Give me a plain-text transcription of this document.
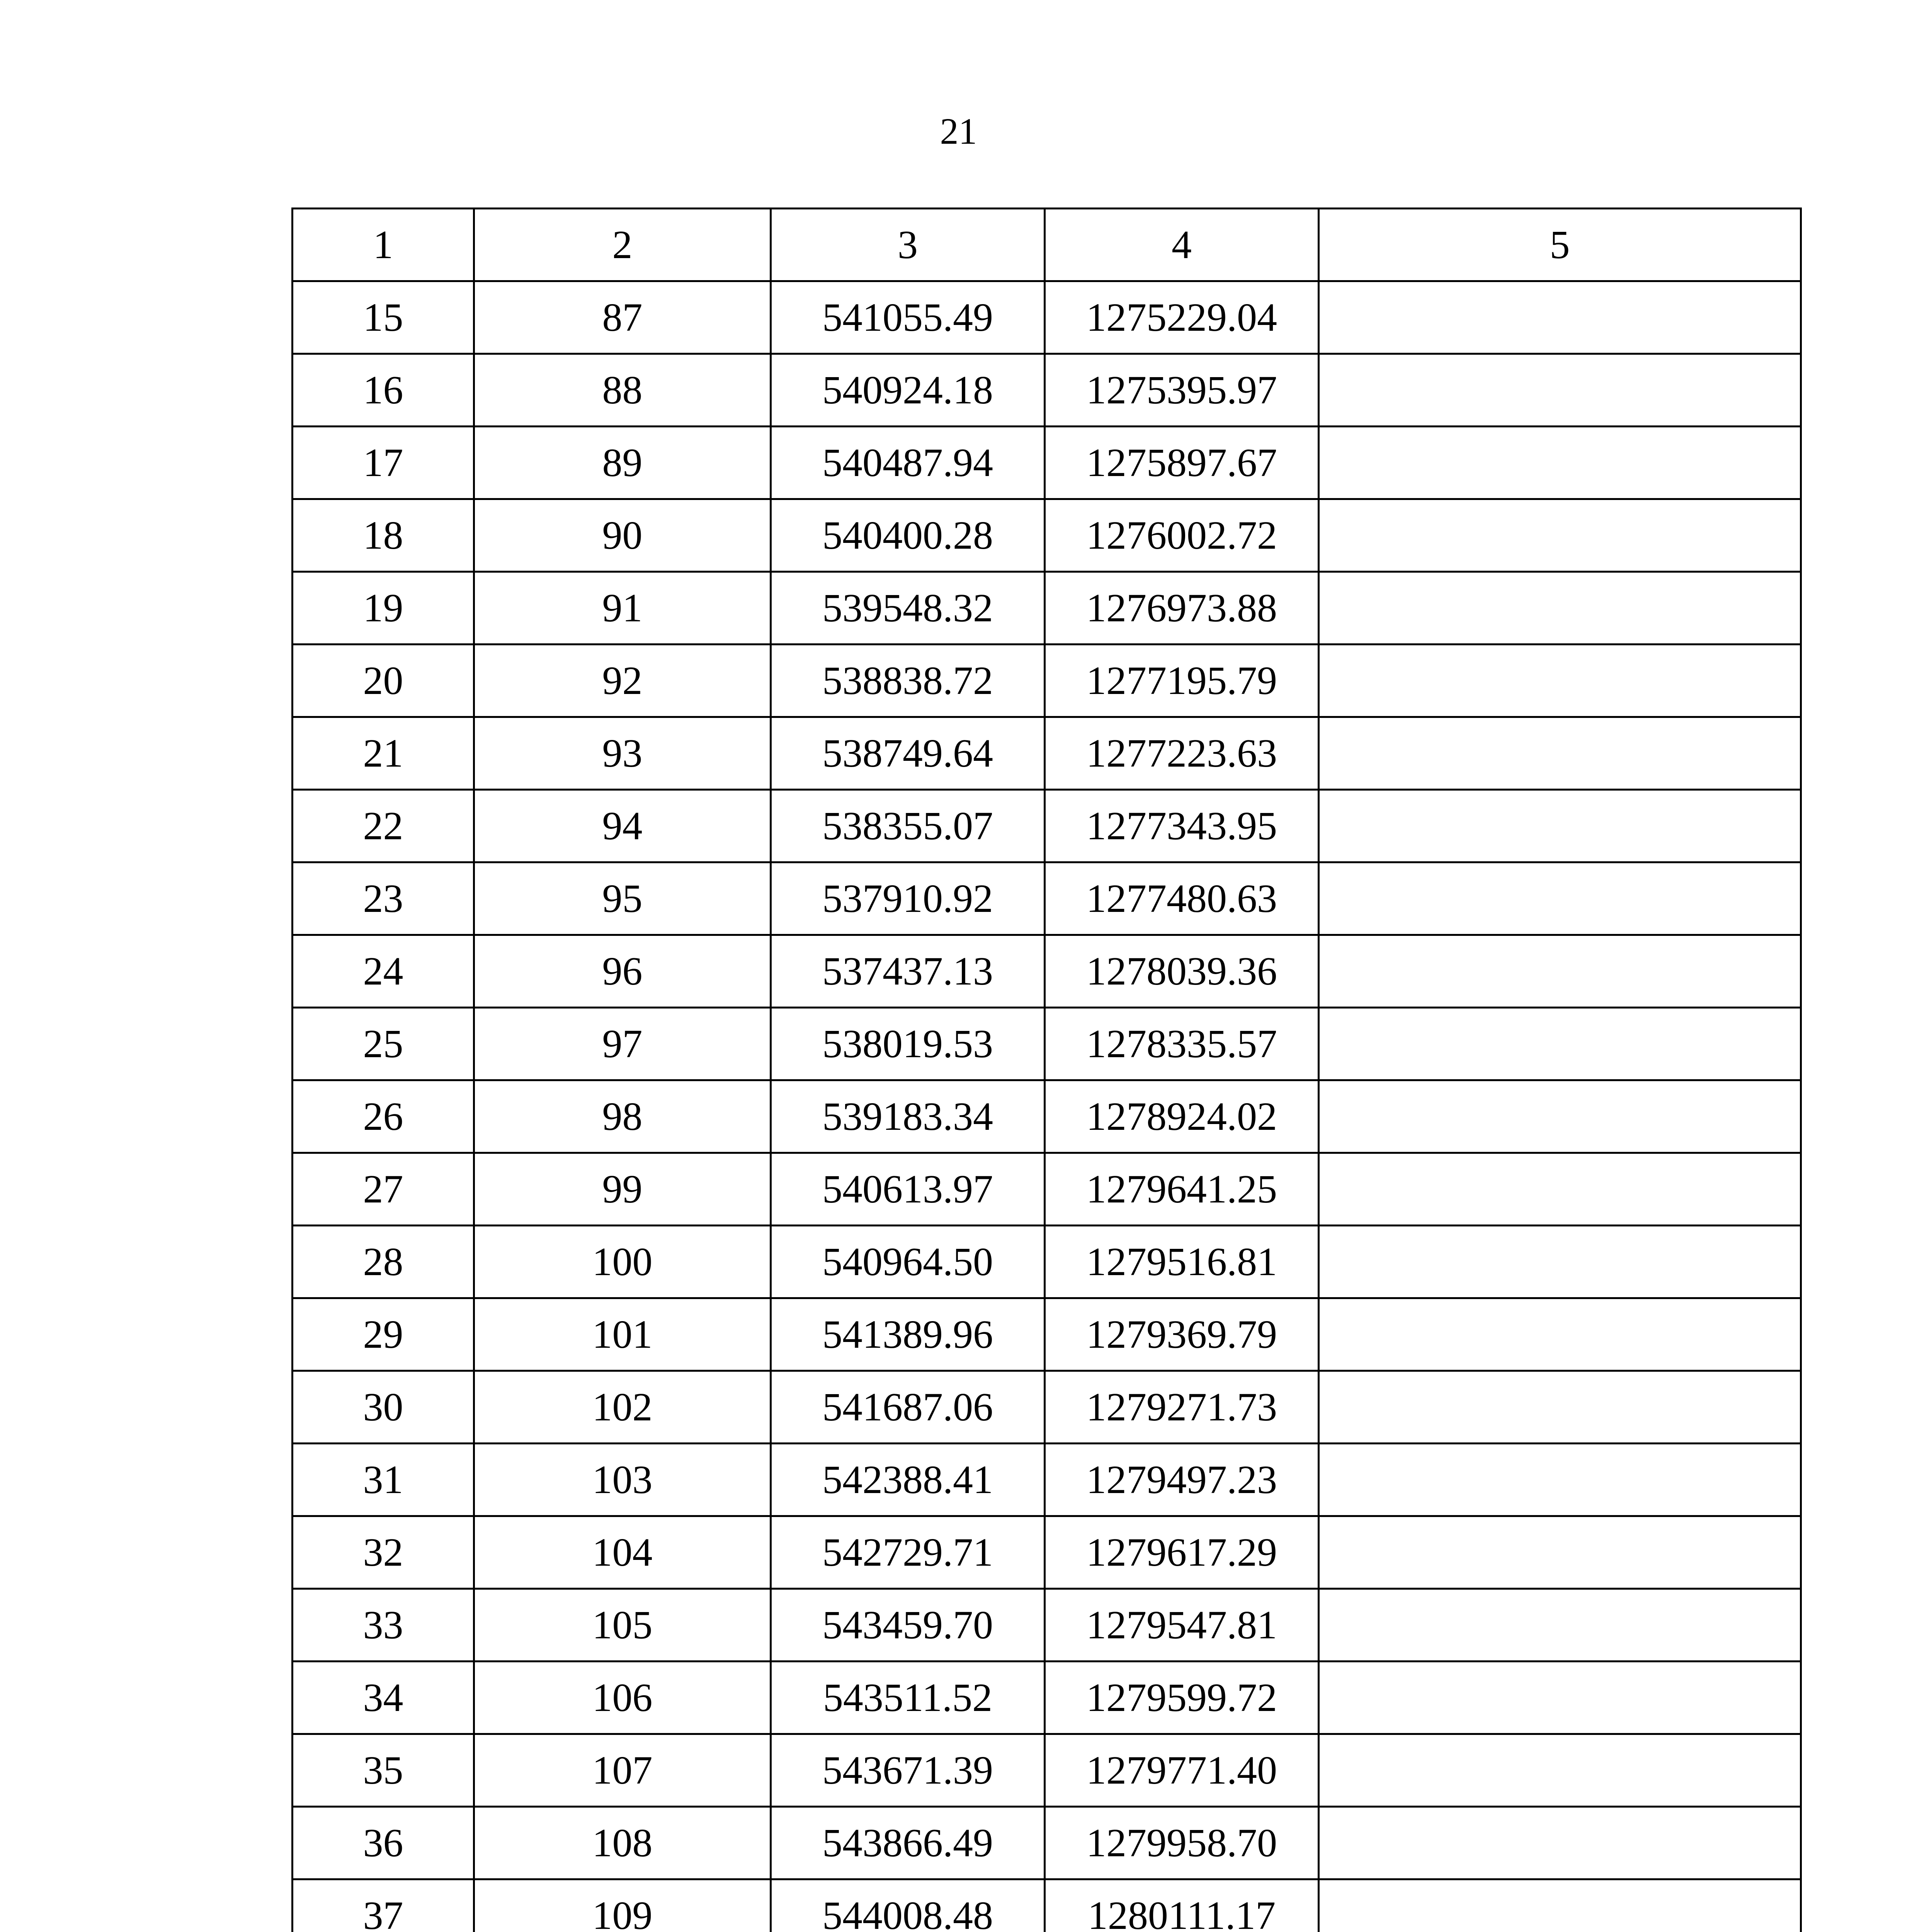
21
1	2	3	4	5
15	87	541055.49	1275229.04	
16	88	540924.18	1275395.97	
17	89	540487.94	1275897.67	
18	90	540400.28	1276002.72	
19	91	539548.32	1276973.88	
20	92	538838.72	1277195.79	
21	93	538749.64	1277223.63	
22	94	538355.07	1277343.95	
23	95	537910.92	1277480.63	
24	96	537437.13	1278039.36	
25	97	538019.53	1278335.57	
26	98	539183.34	1278924.02	
27	99	540613.97	1279641.25	
28	100	540964.50	1279516.81	
29	101	541389.96	1279369.79	
30	102	541687.06	1279271.73	
31	103	542388.41	1279497.23	
32	104	542729.71	1279617.29	
33	105	543459.70	1279547.81	
34	106	543511.52	1279599.72	
35	107	543671.39	1279771.40	
36	108	543866.49	1279958.70	
37	109	544008.48	1280111.17	
